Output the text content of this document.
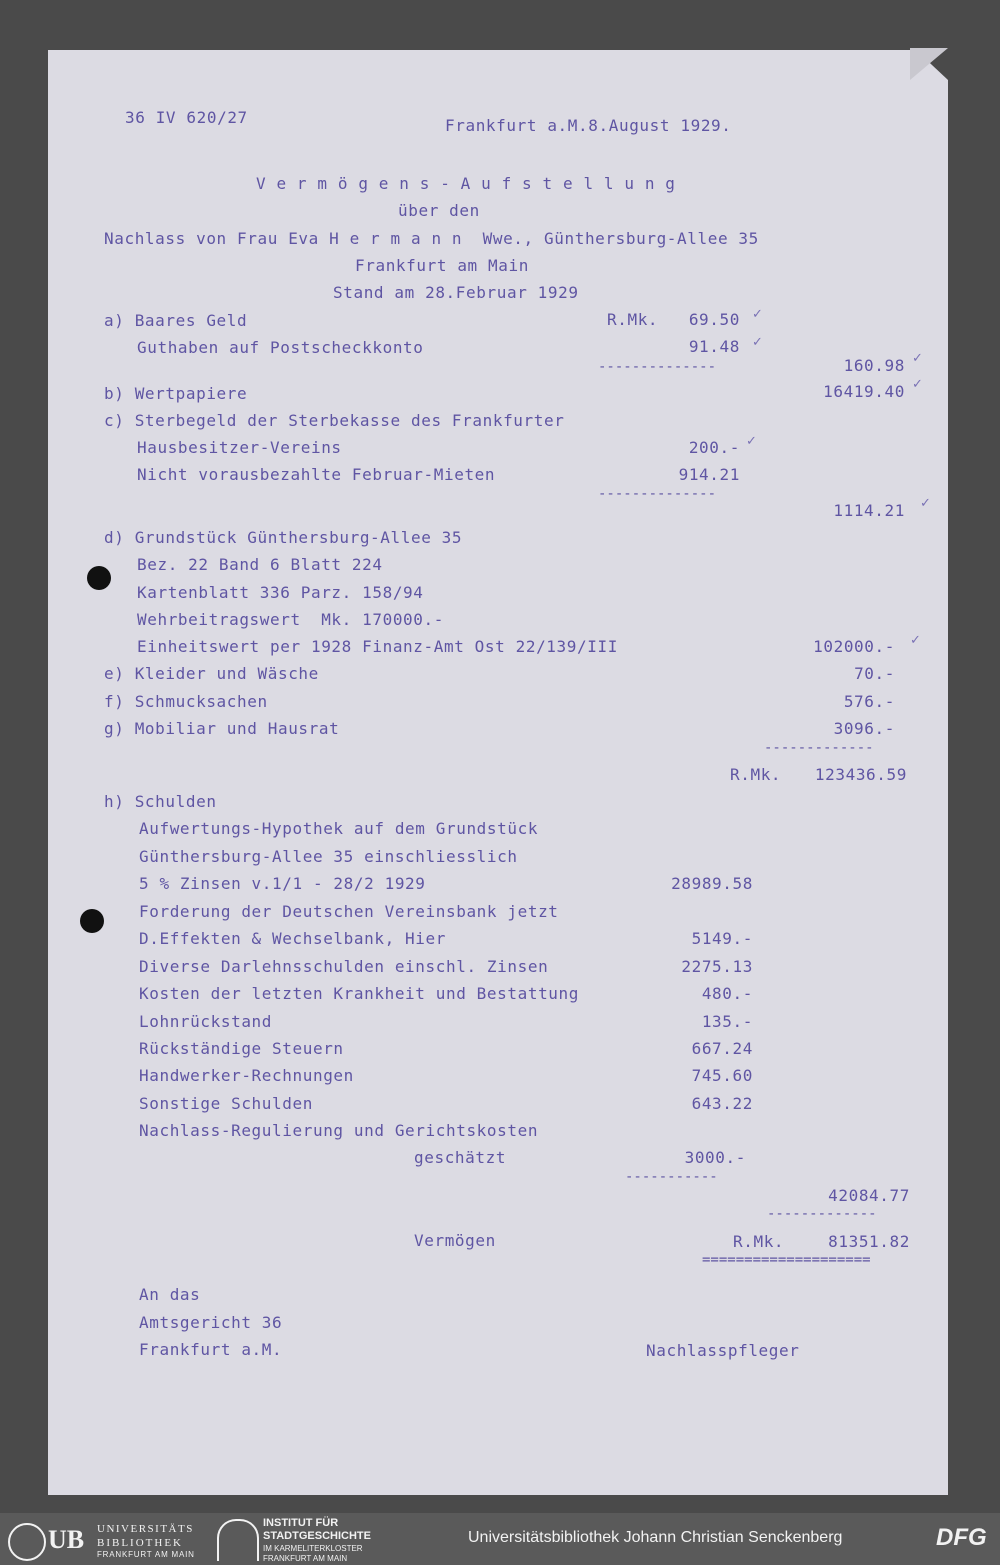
36 IV 620/27	Frankfurt a.M.8.August 1929.
V e r m ö g e n s - A u f s t e l l u n g
über den
Nachlass von Frau Eva H e r m a n n  Wwe., Günthersburg-Allee 35
Frankfurt am Main
Stand am 28.Februar 1929
a) Baares Geld	R.Mk.	69.50 ✓
Guthaben auf Postscheckkonto	91.48 ✓
--------------	160.98 ✓
b) Wertpapiere	16419.40 ✓
c) Sterbegeld der Sterbekasse des Frankfurter
Hausbesitzer-Vereins	200.- ✓
Nicht vorausbezahlte Februar-Mieten	914.21
--------------
1114.21 ✓
d) Grundstück Günthersburg-Allee 35
Bez. 22 Band 6 Blatt 224
Kartenblatt 336 Parz. 158/94
Wehrbeitragswert  Mk. 170000.-
Einheitswert per 1928 Finanz-Amt Ost 22/139/III	102000.- ✓
e) Kleider und Wäsche	70.-
f) Schmucksachen	576.-
g) Mobiliar und Hausrat	3096.-
-------------
R.Mk.	123436.59
h) Schulden
Aufwertungs-Hypothek auf dem Grundstück
Günthersburg-Allee 35 einschliesslich
5 % Zinsen v.1/1 - 28/2 1929	28989.58
Forderung der Deutschen Vereinsbank jetzt
D.Effekten & Wechselbank, Hier	5149.-
Diverse Darlehnsschulden einschl. Zinsen	2275.13
Kosten der letzten Krankheit und Bestattung	480.-
Lohnrückstand	135.-
Rückständige Steuern	667.24
Handwerker-Rechnungen	745.60
Sonstige Schulden	643.22
Nachlass-Regulierung und Gerichtskosten
geschätzt	3000.-
-----------
42084.77
-------------
Vermögen	R.Mk.	81351.82
====================
An das
Amtsgericht 36
Frankfurt a.M.	Nachlasspfleger
UB UNIVERSITÄTS
BIBLIOTHEK
FRANKFURT AM MAIN
INSTITUT FÜR
STADTGESCHICHTE
IM KARMELITERKLOSTER
FRANKFURT AM MAIN
Universitätsbibliothek Johann Christian Senckenberg	DFG
